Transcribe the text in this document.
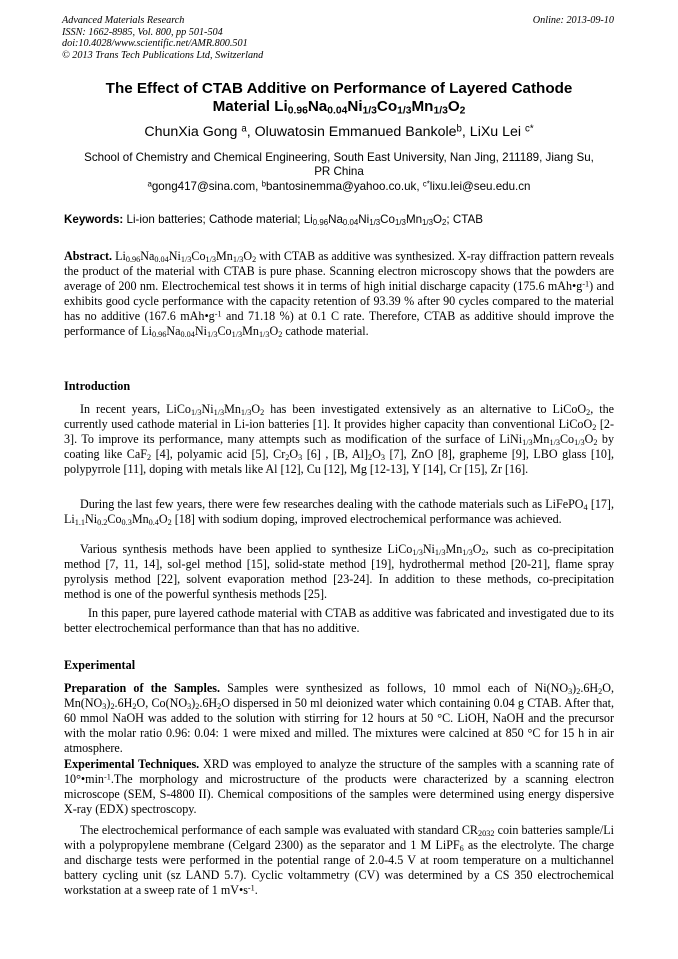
Advanced Materials Research
ISSN: 1662-8985, Vol. 800, pp 501-504
doi:10.4028/www.scientific.net/AMR.800.501
© 2013 Trans Tech Publications Ltd, Switzerland
Online: 2013-09-10
The Effect of CTAB Additive on Performance of Layered Cathode
Material $Li_{0.96}Na_{0.04}Ni_{1/3}Co_{1/3}Mn_{1/3}O_2$
ChunXia Gong $^a$, Oluwatosin Emmanued Bankole$^b$, LiXu Lei $^{c*}$
School of Chemistry and Chemical Engineering, South East University, Nan Jing, 211189, Jiang Su,
PR China
$^a$gong417@sina.com, $^b$bantosinemma@yahoo.co.uk, $^{c*}$lixu.lei@seu.edu.cn
Keywords: Li-ion batteries; Cathode material; $Li_{0.96}Na_{0.04}Ni_{1/3}Co_{1/3}Mn_{1/3}O_2$; CTAB
Abstract. $Li_{0.96}Na_{0.04}Ni_{1/3}Co_{1/3}Mn_{1/3}O_2$ with CTAB as additive was synthesized. X-ray diffraction pattern reveals the product of the material with CTAB is pure phase. Scanning electron microscopy shows that the powders are average of 200 nm. Electrochemical test shows it in terms of high initial discharge capacity (175.6 $mAh•g^{-1}$) and exhibits good cycle performance with the capacity retention of 93.39 % after 90 cycles compared to the material has no additive (167.6 $mAh•g^{-1}$ and 71.18 %) at 0.1 C rate. Therefore, CTAB as additive should improve the performance of $Li_{0.96}Na_{0.04}Ni_{1/3}Co_{1/3}Mn_{1/3}O_2$ cathode material.
Introduction
In recent years, $LiCo_{1/3}Ni_{1/3}Mn_{1/3}O_2$ has been investigated extensively as an alternative to LiCoO$_2$, the currently used cathode material in Li-ion batteries [1]. It provides higher capacity than conventional LiCoO$_2$ [2-3]. To improve its performance, many attempts such as modification of the surface of $LiNi_{1/3}Mn_{1/3}Co_{1/3}O_2$ by coating like CaF$_2$ [4], polyamic acid [5], $Cr_2O_3$ [6] , [B, $Al]_2O_3$ [7], ZnO [8], grapheme [9], LBO glass [10], polypyrrole [11], doping with metals like Al [12], Cu [12], Mg [12-13], Y [14], Cr [15], Zr [16].
During the last few years, there were few researches dealing with the cathode materials such as LiFePO$_4$ [17], $Li_{1.1}Ni_{0.2}Co_{0.3}Mn_{0.4}O_2$ [18] with sodium doping, improved electrochemical performance was achieved.
Various synthesis methods have been applied to synthesize $LiCo_{1/3}Ni_{1/3}Mn_{1/3}O_2$, such as co-precipitation method [7, 11, 14], sol-gel method [15], solid-state method [19], hydrothermal method [20-21], flame spray pyrolysis method [22], solvent evaporation method [23-24]. In addition to these methods, co-precipitation method is one of the powerful synthesis methods [25].
In this paper, pure layered cathode material with CTAB as additive was fabricated and investigated due to its better electrochemical performance than that has no additive.
Experimental
Preparation of the Samples. Samples were synthesized as follows, 10 mmol each of $Ni(NO_3)_2.6H_2O$, $Mn(NO_3)_2.6H_2O$, $Co(NO_3)_2.6H_2O$ dispersed in 50 ml deionized water which containing 0.04 g CTAB. After that, 60 mmol NaOH was added to the solution with stirring for 12 hours at 50 °C. LiOH, NaOH and the precursor with the molar ratio 0.96: 0.04: 1 were mixed and milled. The mixtures were calcined at 850 °C for 15 h in air atmosphere.
Experimental Techniques. XRD was employed to analyze the structure of the samples with a scanning rate of $10^\circ•\min^{-1}.The$ morphology and microstructure of the products were characterized by a scanning electron microscope (SEM, S-4800 II). Chemical compositions of the samples were determined using energy dispersive X-ray (EDX) spectroscopy.
The electrochemical performance of each sample was evaluated with standard $CR_{2032}$ coin batteries sample/Li with a polypropylene membrane (Celgard 2300) as the separator and 1 M LiPF$_6$ as the electrolyte. The charge and discharge tests were performed in the potential range of 2.0-4.5 V at room temperature on a multichannel battery cycling unit (sz LAND 5.7). Cyclic voltammetry (CV) was determined by a CS 350 electrochemical workstation at a sweep rate of 1 $mV•s^{-1}$.
